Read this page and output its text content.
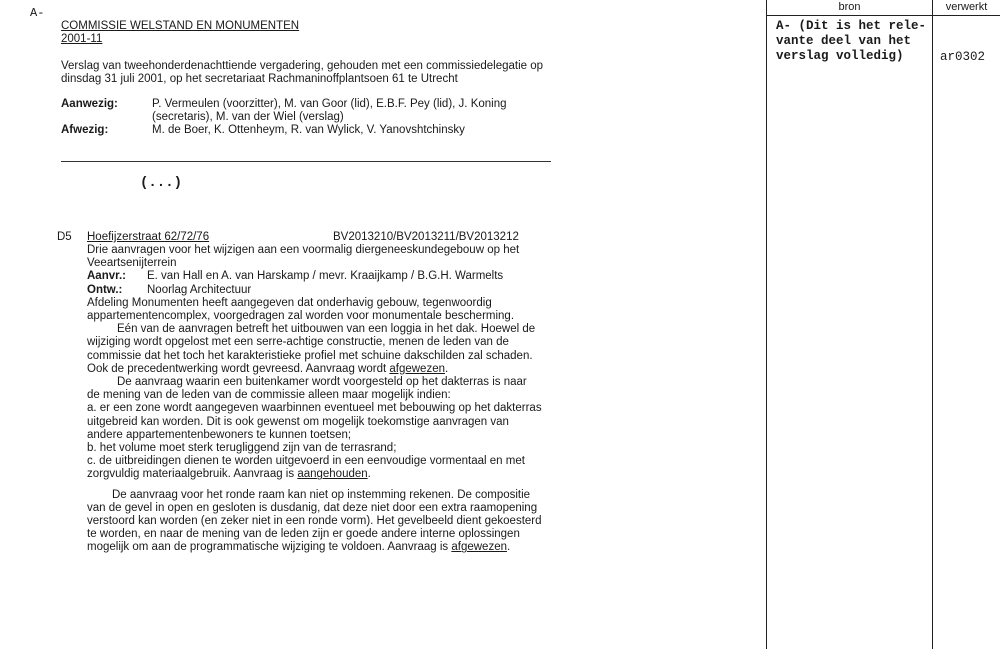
A-
COMMISSIE WELSTAND EN MONUMENTEN
2001-11
Verslag van tweehonderdenachttiende vergadering, gehouden met een commissiedelegatie op
dinsdag 31 juli 2001, op het secretariaat Rachmaninoffplantsoen 61 te Utrecht
Aanwezig:	P. Vermeulen (voorzitter), M. van Goor (lid), E.B.F. Pey (lid), J. Koning
(secretaris), M. van der Wiel (verslag)
Afwezig:	M. de Boer, K. Ottenheym, R. van Wylick, V. Yanovshtchinsky
(...)
D5 Hoefijzerstraat 62/72/76	BV2013210/BV2013211/BV2013212
Drie aanvragen voor het wijzigen aan een voormalig diergeneeskundegebouw op het
Veeartsenijterrein
Aanvr.: E. van Hall en A. van Harskamp / mevr. Kraaijkamp / B.G.H. Warmelts
Ontw.: Noorlag Architectuur
Afdeling Monumenten heeft aangegeven dat onderhavig gebouw, tegenwoordig
appartementencomplex, voorgedragen zal worden voor monumentale bescherming.
Eén van de aanvragen betreft het uitbouwen van een loggia in het dak. Hoewel de
wijziging wordt opgelost met een serre-achtige constructie, menen de leden van de
commissie dat het toch het karakteristieke profiel met schuine dakschilden zal schaden.
Ook de precedentwerking wordt gevreesd. Aanvraag wordt afgewezen.
De aanvraag waarin een buitenkamer wordt voorgesteld op het dakterras is naar
de mening van de leden van de commissie alleen maar mogelijk indien:
a. er een zone wordt aangegeven waarbinnen eventueel met bebouwing op het dakterras
uitgebreid kan worden. Dit is ook gewenst om mogelijk toekomstige aanvragen van
andere appartementenbewoners te kunnen toetsen;
b. het volume moet sterk terugliggend zijn van de terrasrand;
c. de uitbreidingen dienen te worden uitgevoerd in een eenvoudige vormentaal en met
zorgvuldig materiaalgebruik. Aanvraag is aangehouden.
De aanvraag voor het ronde raam kan niet op instemming rekenen. De compositie
van de gevel in open en gesloten is dusdanig, dat deze niet door een extra raamopening
verstoord kan worden (en zeker niet in een ronde vorm). Het gevelbeeld dient gekoesterd
te worden, en naar de mening van de leden zijn er goede andere interne oplossingen
mogelijk om aan de programmatische wijziging te voldoen. Aanvraag is afgewezen.
bron	verwerkt
A- (Dit is het rele-
vante deel van het
verslag volledig)	ar0302
